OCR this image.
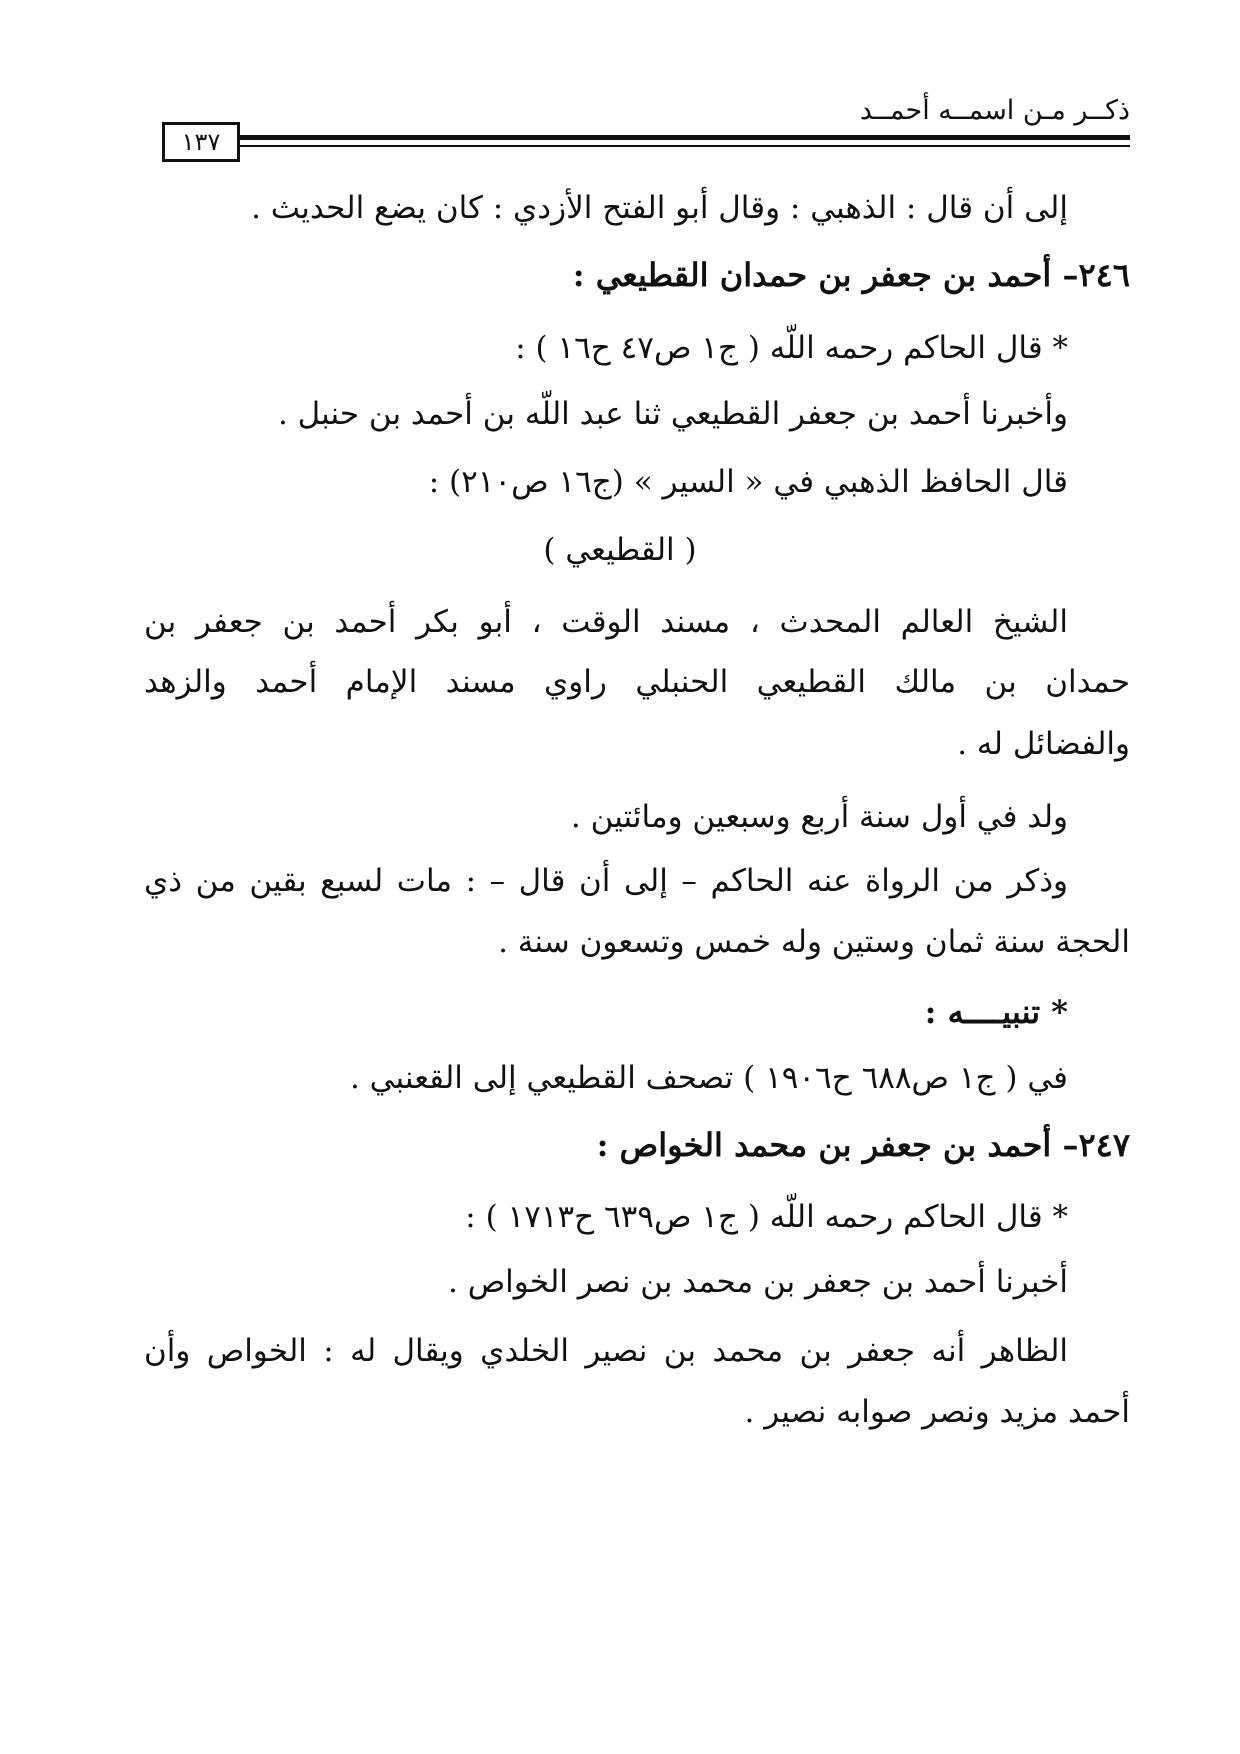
ذكــر مـن اسمــه أحمــد
١٣٧
إلى أن قال : الذهبي : وقال أبو الفتح الأزدي : كان يضع الحديث .
٢٤٦– أحمد بن جعفر بن حمدان القطيعي :
* قال الحاكم رحمه اللّه ( ج١ ص٤٧ ح١٦ ) :
وأخبرنا أحمد بن جعفر القطيعي ثنا عبد اللّه بن أحمد بن حنبل .
قال الحافظ الذهبي في « السير » (ج١٦ ص٢١٠) :
( القطيعي )
الشيخ العالم المحدث ، مسند الوقت ، أبو بكر أحمد بن جعفر بن
حمدان بن مالك القطيعي الحنبلي راوي مسند الإمام أحمد والزهد
والفضائل له .
ولد في أول سنة أربع وسبعين ومائتين .
وذكر من الرواة عنه الحاكم – إلى أن قال – : مات لسبع بقين من ذي
الحجة سنة ثمان وستين وله خمس وتسعون سنة .
* تنبيــــه :
في ( ج١ ص٦٨٨ ح١٩٠٦ ) تصحف القطيعي إلى القعنبي .
٢٤٧– أحمد بن جعفر بن محمد الخواص :
* قال الحاكم رحمه اللّه ( ج١ ص٦٣٩ ح١٧١٣ ) :
أخبرنا أحمد بن جعفر بن محمد بن نصر الخواص .
الظاهر أنه جعفر بن محمد بن نصير الخلدي ويقال له : الخواص وأن
أحمد مزيد ونصر صوابه نصير .
